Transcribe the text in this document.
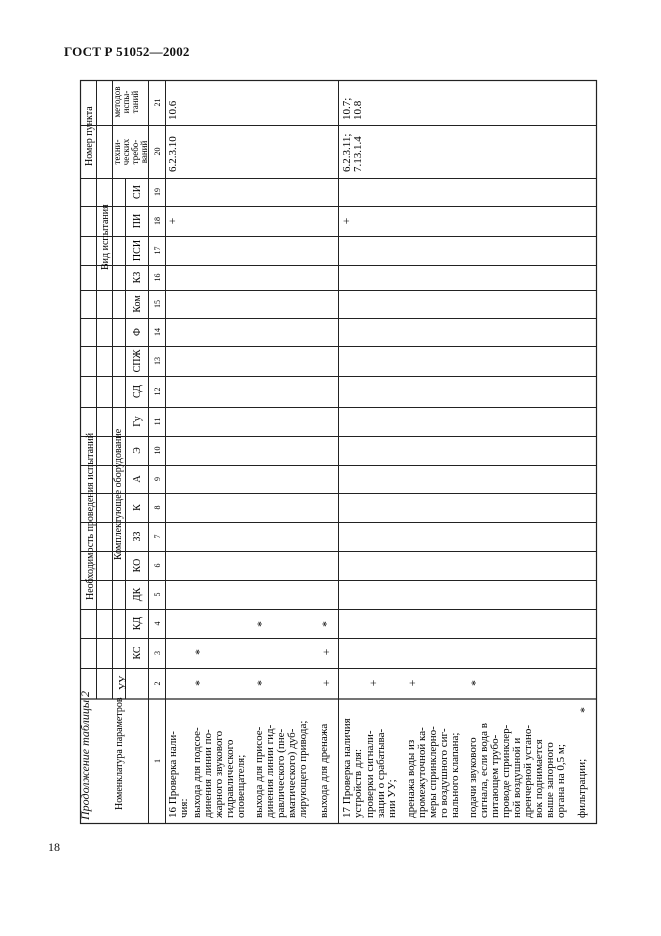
ГОСТ Р 51052—2002
18
Продолжение таблицы 2
Номер пункта
Вид испытания
Комплектующее оборудование
Необходимость проведения испытаний
Номенклатура параметров
УУ
КС
КД
ДК
КО
ЗЗ
К
А
Э
Гу
СД
СПЖ
Ф
Ком
КЗ
ПСИ
ПИ
СИ
1
2
3
4
5
6
7
8
9
10
11
12
13
14
15
16
17
18
19
20
21
техни-ческихтребо-ваний
методовиспы-таний
16 Проверка нали-чия: выхода для подсое-динения линии по-жарного звуковогогидравлическогооповещателя; выхода для присое-динения линии гид-равлического (пне-вматического) дуб-лирующего привода; выхода для дренажа 17 Проверка наличияустройств для: проверки сигнали-зации о срабатыва-нии УУ; дренажа воды изпромежуточной ка-меры спринклерно-го воздушного сиг-нального клапана; подачи звуковогосигнала, если вода впитающем трубо-проводе спринклер-ной воздушной идренчерной устано-вок поднимаетсявыше запорногооргана на 0,5 м; фильтрации;
6.2.3.10
10.6
6.2.3.11;7.13.1.4
10.7;10.8
*
*
*
*
+
+
*
+
+ +	*
*
+
